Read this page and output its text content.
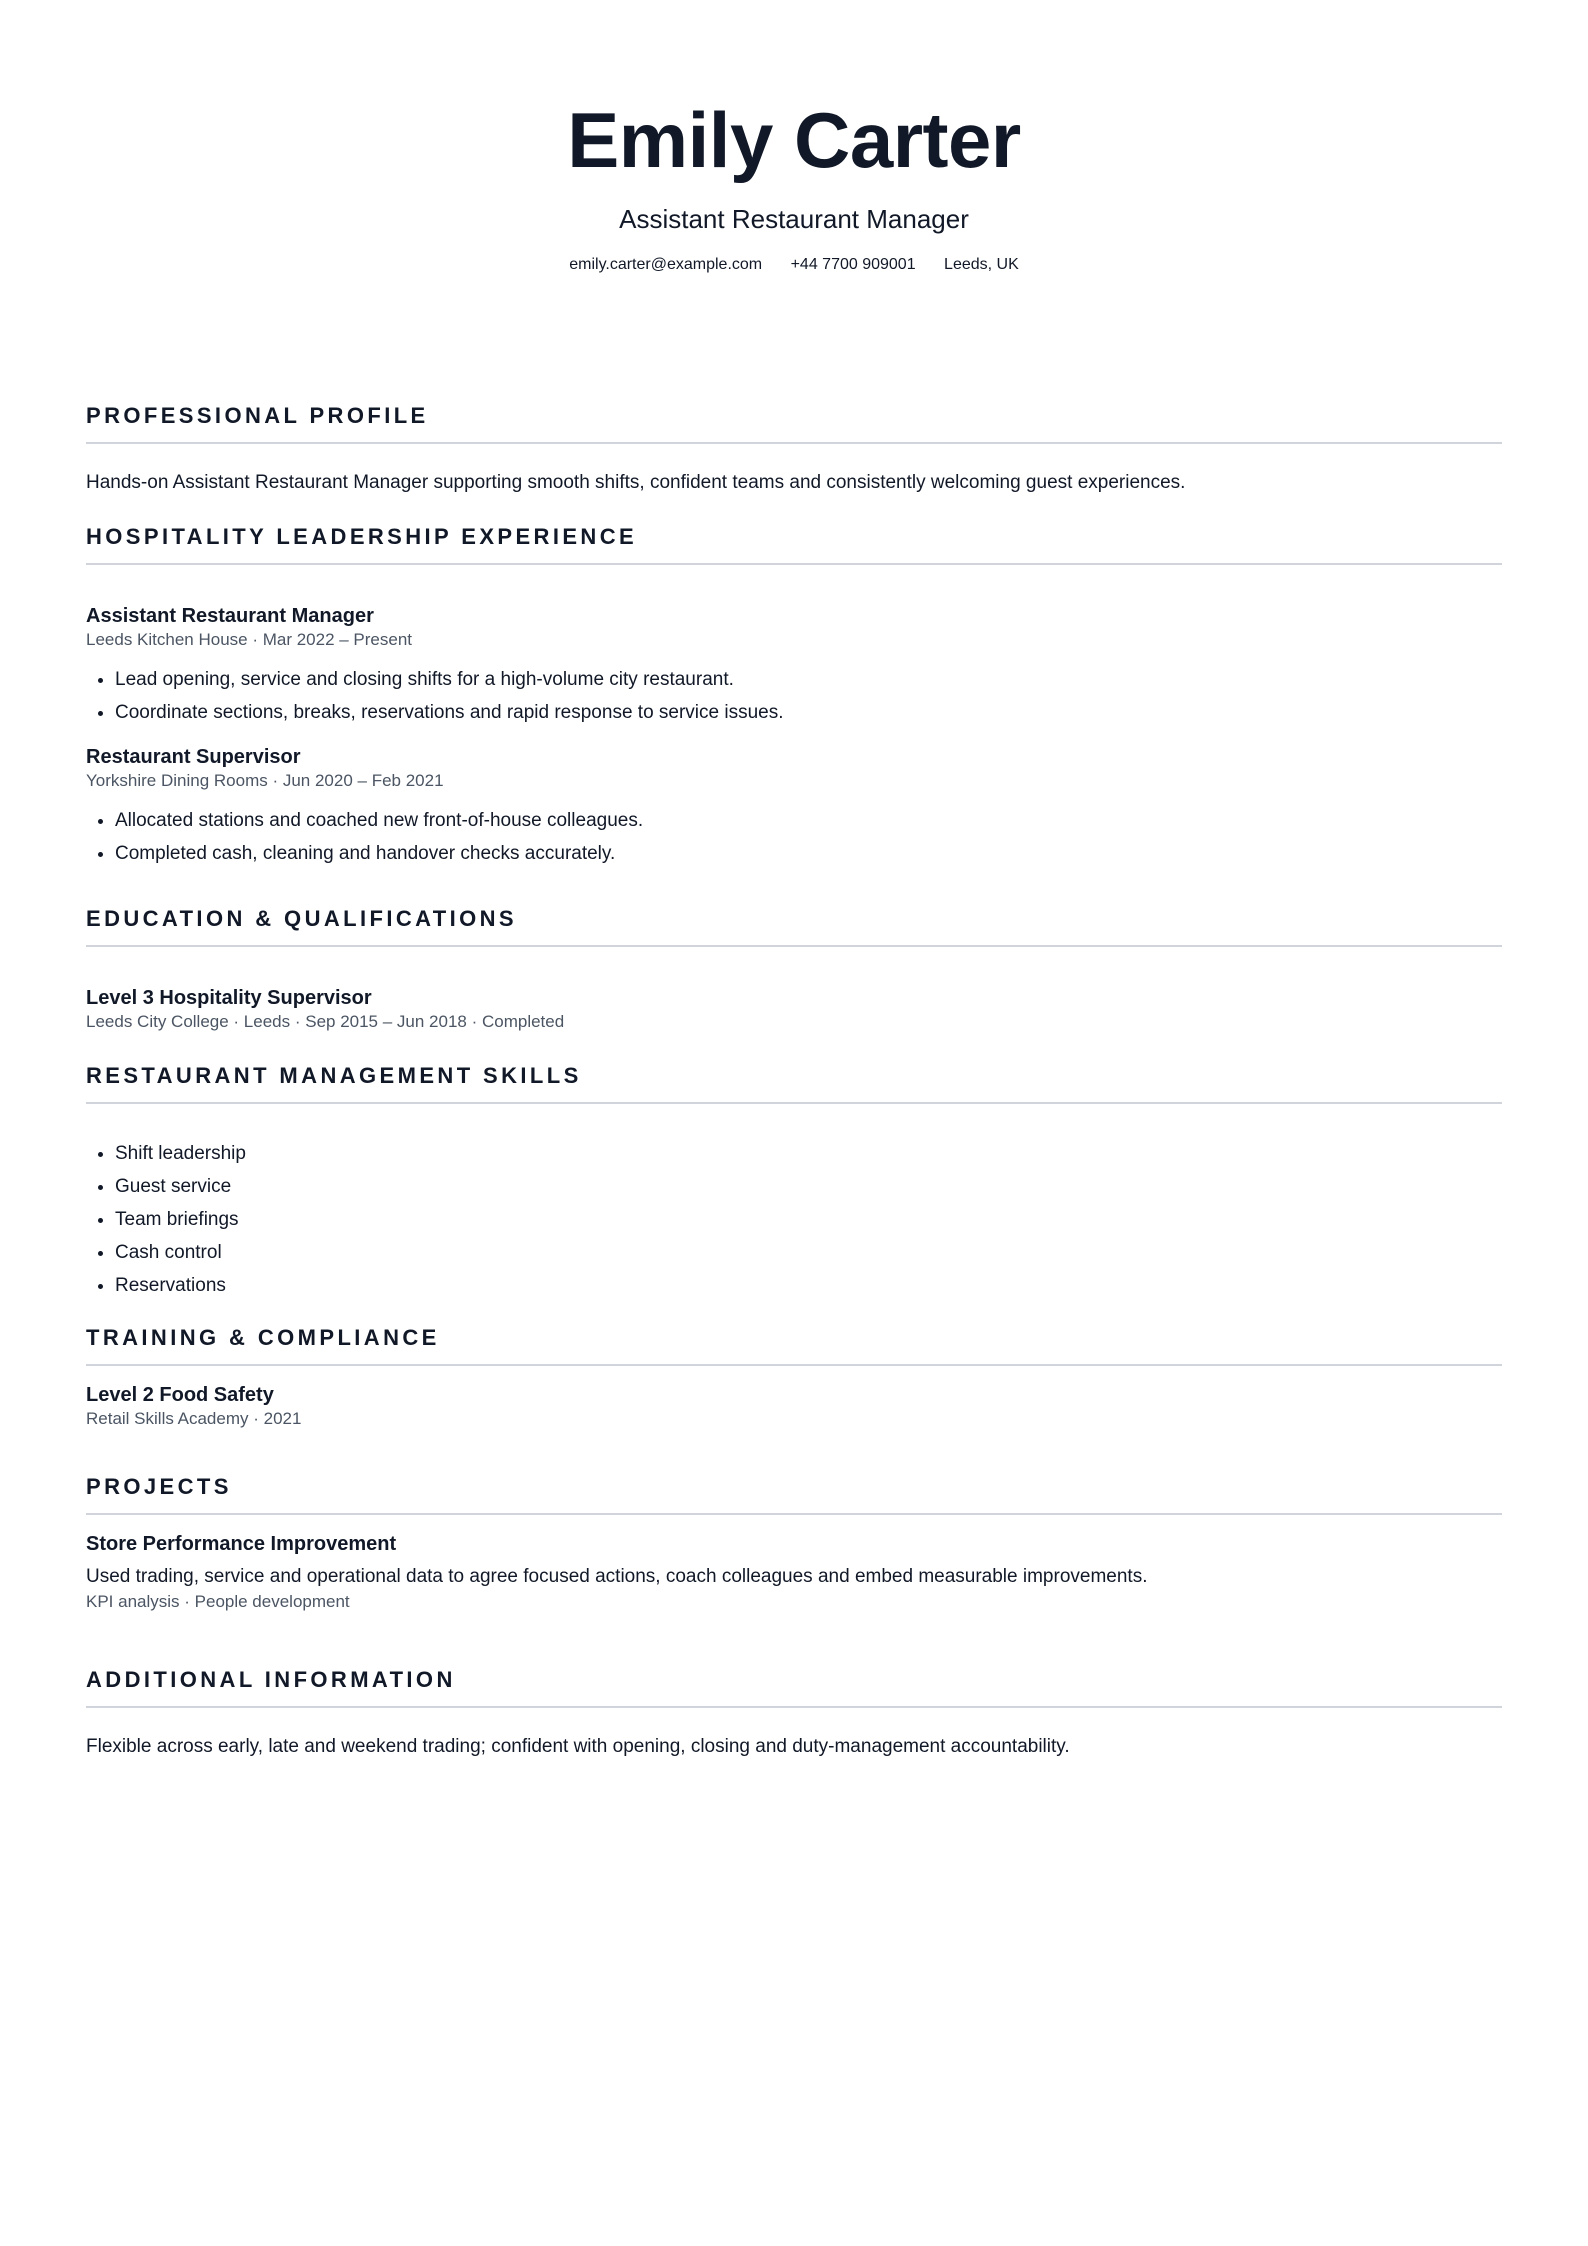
Emily Carter
Assistant Restaurant Manager
emily.carter@example.com +44 7700 909001 Leeds, UK
PROFESSIONAL PROFILE
Hands-on Assistant Restaurant Manager supporting smooth shifts, confident teams and consistently welcoming guest experiences.
HOSPITALITY LEADERSHIP EXPERIENCE
Assistant Restaurant Manager
Leeds Kitchen House · Mar 2022 – Present
• Lead opening, service and closing shifts for a high-volume city restaurant.
• Coordinate sections, breaks, reservations and rapid response to service issues.
Restaurant Supervisor
Yorkshire Dining Rooms · Jun 2020 – Feb 2021
• Allocated stations and coached new front-of-house colleagues.
• Completed cash, cleaning and handover checks accurately.
EDUCATION & QUALIFICATIONS
Level 3 Hospitality Supervisor
Leeds City College · Leeds · Sep 2015 – Jun 2018 · Completed
RESTAURANT MANAGEMENT SKILLS
• Shift leadership
• Guest service
• Team briefings
• Cash control
• Reservations
TRAINING & COMPLIANCE
Level 2 Food Safety
Retail Skills Academy · 2021
PROJECTS
Store Performance Improvement
Used trading, service and operational data to agree focused actions, coach colleagues and embed measurable improvements.
KPI analysis · People development
ADDITIONAL INFORMATION
Flexible across early, late and weekend trading; confident with opening, closing and duty-management accountability.
